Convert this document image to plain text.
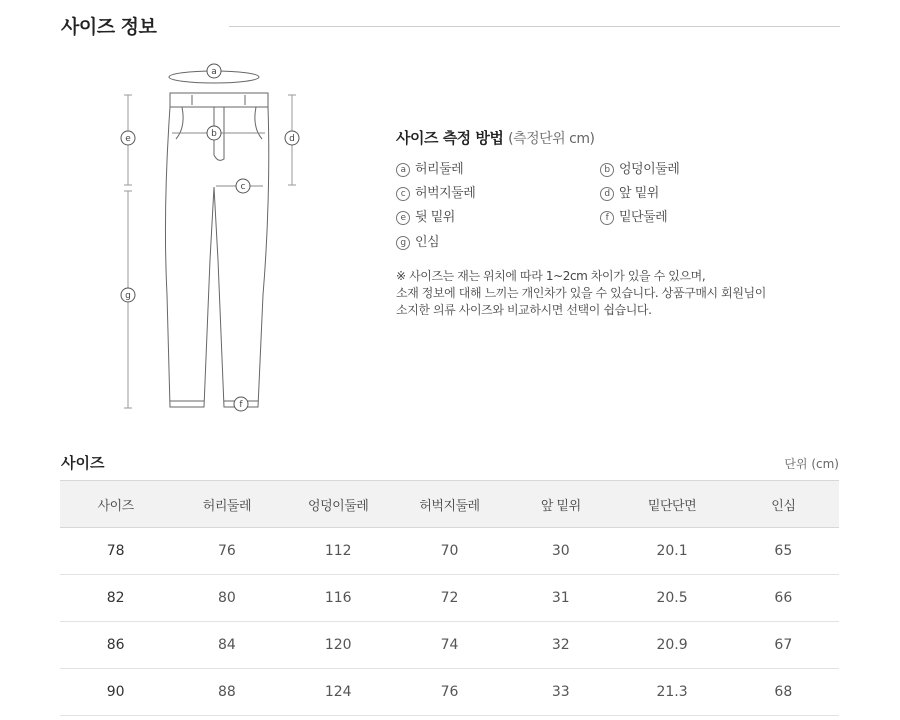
사이즈 정보
a
b
c
d
e
f
g
사이즈 측정 방법 (측정단위 cm)
a 허리둘레	b 엉덩이둘레
c 허벅지둘레	d 앞 밑위
e 뒷 밑위	f 밑단둘레
g 인심
※ 사이즈는 재는 위치에 따라 1~2cm 차이가 있을 수 있으며,
소재 정보에 대해 느끼는 개인차가 있을 수 있습니다. 상품구매시 회원님이
소지한 의류 사이즈와 비교하시면 선택이 쉽습니다.
사이즈	단위 (cm)
사이즈	허리둘레	엉덩이둘레	허벅지둘레	앞 밑위	밑단단면	인심
78	76	112	70	30	20.1	65
82	80	116	72	31	20.5	66
86	84	120	74	32	20.9	67
90	88	124	76	33	21.3	68
